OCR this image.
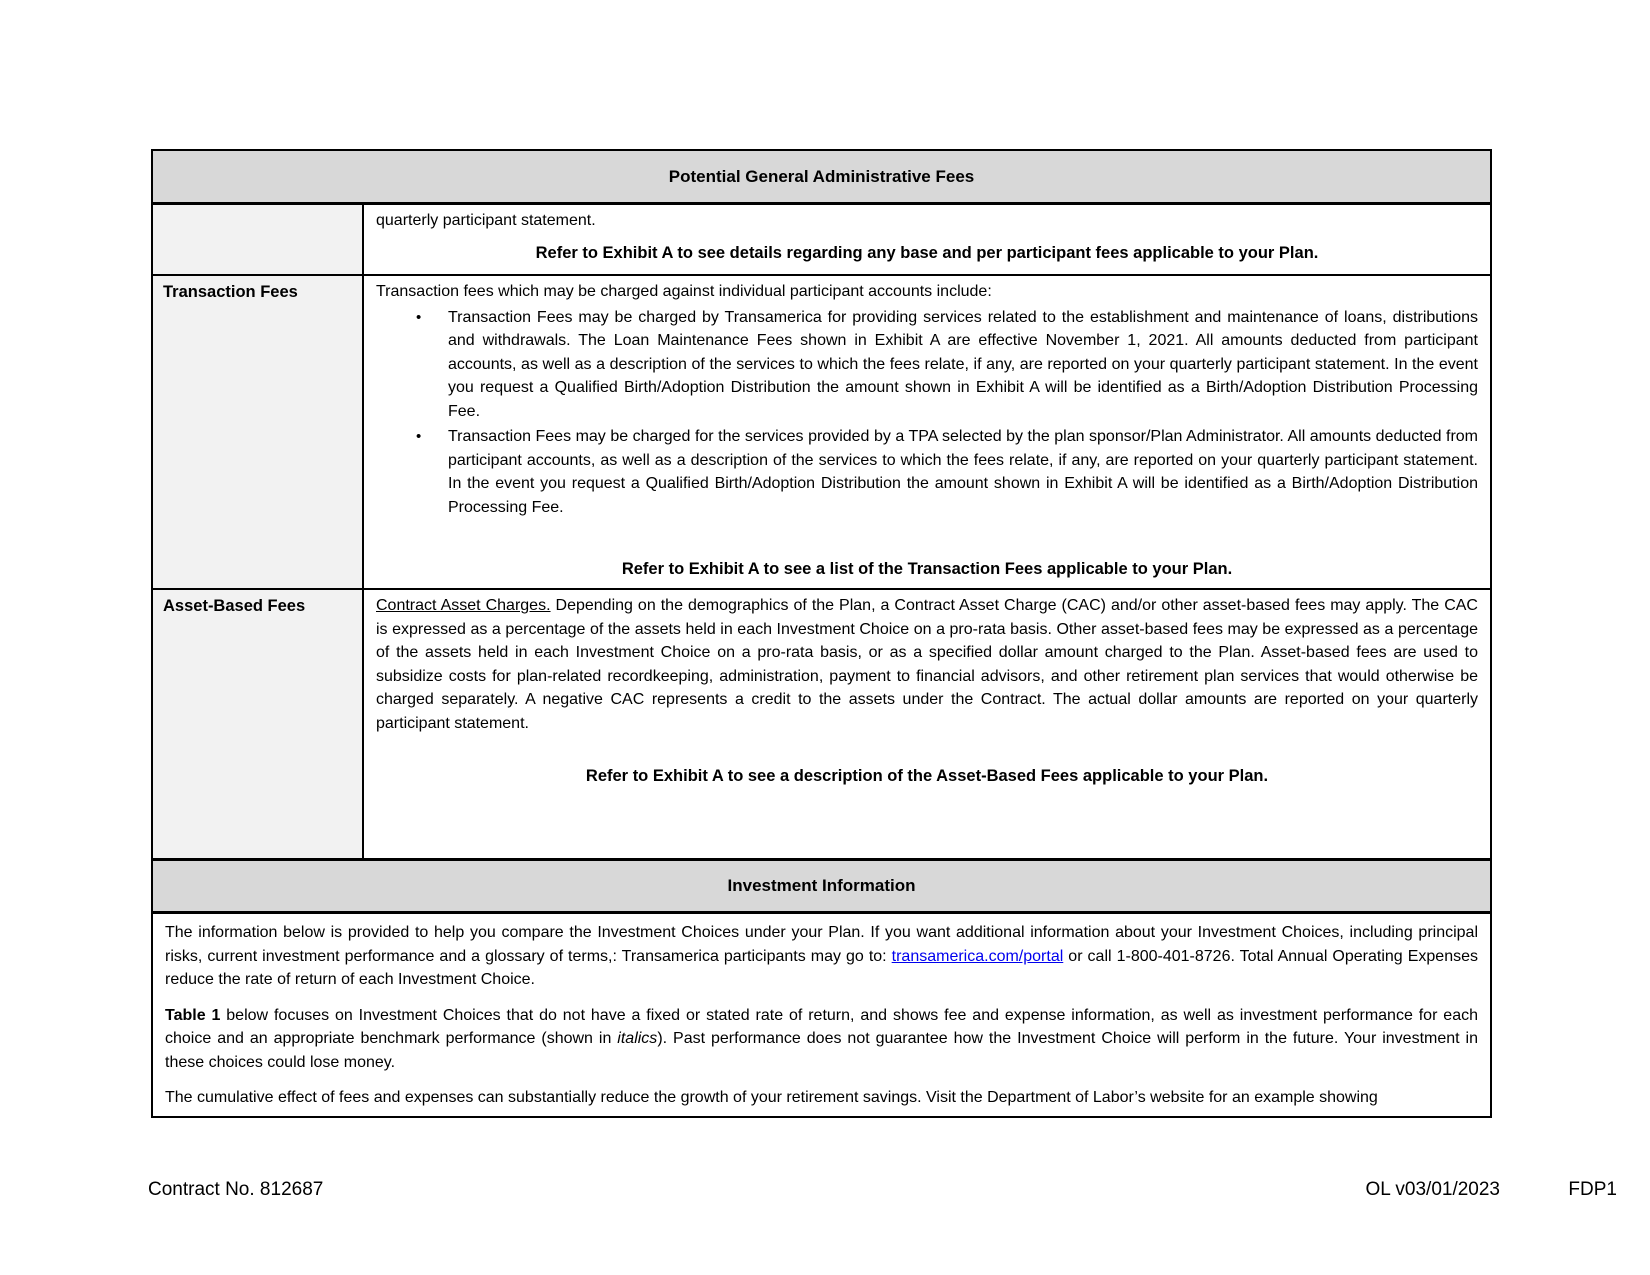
Potential General Administrative Fees
quarterly participant statement.
Refer to Exhibit A to see details regarding any base and per participant fees applicable to your Plan.
Transaction Fees	Transaction fees which may be charged against individual participant accounts include:
•	Transaction Fees may be charged by Transamerica for providing services related to the establishment and maintenance of loans, distributions and withdrawals. The Loan Maintenance Fees shown in Exhibit A are effective November 1, 2021. All amounts deducted from participant accounts, as well as a description of the services to which the fees relate, if any, are reported on your quarterly participant statement. In the event you request a Qualified Birth/Adoption Distribution the amount shown in Exhibit A will be identified as a Birth/Adoption Distribution Processing Fee.
•	Transaction Fees may be charged for the services provided by a TPA selected by the plan sponsor/Plan Administrator. All amounts deducted from participant accounts, as well as a description of the services to which the fees relate, if any, are reported on your quarterly participant statement. In the event you request a Qualified Birth/Adoption Distribution the amount shown in Exhibit A will be identified as a Birth/Adoption Distribution Processing Fee.
Refer to Exhibit A to see a list of the Transaction Fees applicable to your Plan.
Asset-Based Fees	Contract Asset Charges. Depending on the demographics of the Plan, a Contract Asset Charge (CAC) and/or other asset-based fees may apply. The CAC is expressed as a percentage of the assets held in each Investment Choice on a pro-rata basis. Other asset-based fees may be expressed as a percentage of the assets held in each Investment Choice on a pro-rata basis, or as a specified dollar amount charged to the Plan. Asset-based fees are used to subsidize costs for plan-related recordkeeping, administration, payment to financial advisors, and other retirement plan services that would otherwise be charged separately. A negative CAC represents a credit to the assets under the Contract. The actual dollar amounts are reported on your quarterly participant statement.
Refer to Exhibit A to see a description of the Asset-Based Fees applicable to your Plan.
Investment Information

The information below is provided to help you compare the Investment Choices under your Plan. If you want additional information about your Investment Choices, including principal risks, current investment performance and a glossary of terms,: Transamerica participants may go to: transamerica.com/portal or call 1-800-401-8726. Total Annual Operating Expenses reduce the rate of return of each Investment Choice.

Table 1 below focuses on Investment Choices that do not have a fixed or stated rate of return, and shows fee and expense information, as well as investment performance for each choice and an appropriate benchmark performance (shown in italics). Past performance does not guarantee how the Investment Choice will perform in the future. Your investment in these choices could lose money.

The cumulative effect of fees and expenses can substantially reduce the growth of your retirement savings. Visit the Department of Labor’s website for an example showing

Contract No. 812687	OL v03/01/2023	FDP1
